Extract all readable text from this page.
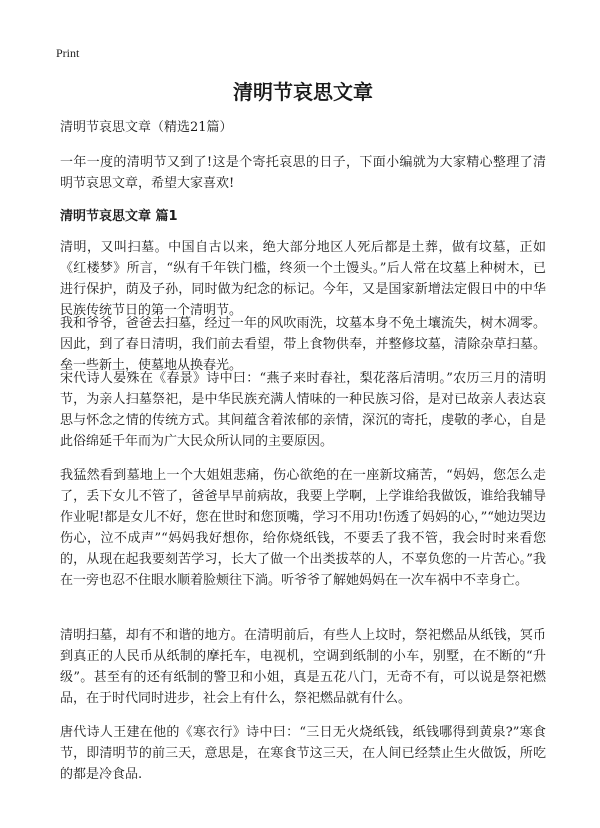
Print
清明节哀思文章

清明节哀思文章（精选21篇）

一年一度的清明节又到了!这是个寄托哀思的日子，下面小编就为大家精心整理了清明节哀思文章，希望大家喜欢!

清明节哀思文章 篇1

清明，又叫扫墓。中国自古以来，绝大部分地区人死后都是土葬，做有坟墓，正如《红楼梦》所言，“纵有千年铁门槛，终须一个土馒头。”后人常在坟墓上种树木，已进行保护，荫及子孙，同时做为纪念的标记。今年，又是国家新增法定假日中的中华民族传统节日的第一个清明节。

我和爷爷，爸爸去扫墓，经过一年的风吹雨洗，坟墓本身不免土壤流失，树木凋零。因此，到了春日清明，我们前去看望，带上食物供奉，并整修坟墓，清除杂草扫墓。垒一些新土，使墓地从换春光。

宋代诗人晏殊在《春景》诗中曰：“燕子来时春社，梨花落后清明。”农历三月的清明节，为亲人扫墓祭祀，是中华民族充满人情味的一种民族习俗，是对已故亲人表达哀思与怀念之情的传统方式。其间蕴含着浓郁的亲情，深沉的寄托，虔敬的孝心，自是此俗绵延千年而为广大民众所认同的主要原因。

我猛然看到墓地上一个大姐姐悲痛，伤心欲绝的在一座新坟痛苦，“妈妈，您怎么走了，丢下女儿不管了，爸爸早早前病故，我要上学啊，上学谁给我做饭，谁给我辅导作业呢!都是女儿不好，您在世时和您顶嘴，学习不用功!伤透了妈妈的心，”“她边哭边伤心，泣不成声”“妈妈我好想你，给你烧纸钱，不要丢了我不管，我会时时来看您的，从现在起我要刻苦学习，长大了做一个出类拔萃的人，不辜负您的一片苦心。”我在一旁也忍不住眼水顺着脸颊往下淌。听爷爷了解她妈妈在一次车祸中不幸身亡。

清明扫墓，却有不和谐的地方。在清明前后，有些人上坟时，祭祀燃品从纸钱，冥币到真正的人民币从纸制的摩托车，电视机，空调到纸制的小车，别墅，在不断的“升级”。甚至有的还有纸制的警卫和小姐，真是五花八门，无奇不有，可以说是祭祀燃品，在于时代同时进步，社会上有什么，祭祀燃品就有什么。

唐代诗人王建在他的《寒衣行》诗中曰：“三日无火烧纸钱，纸钱哪得到黄泉?”寒食节，即清明节的前三天，意思是，在寒食节这三天，在人间已经禁止生火做饭，所吃的都是冷食品.
